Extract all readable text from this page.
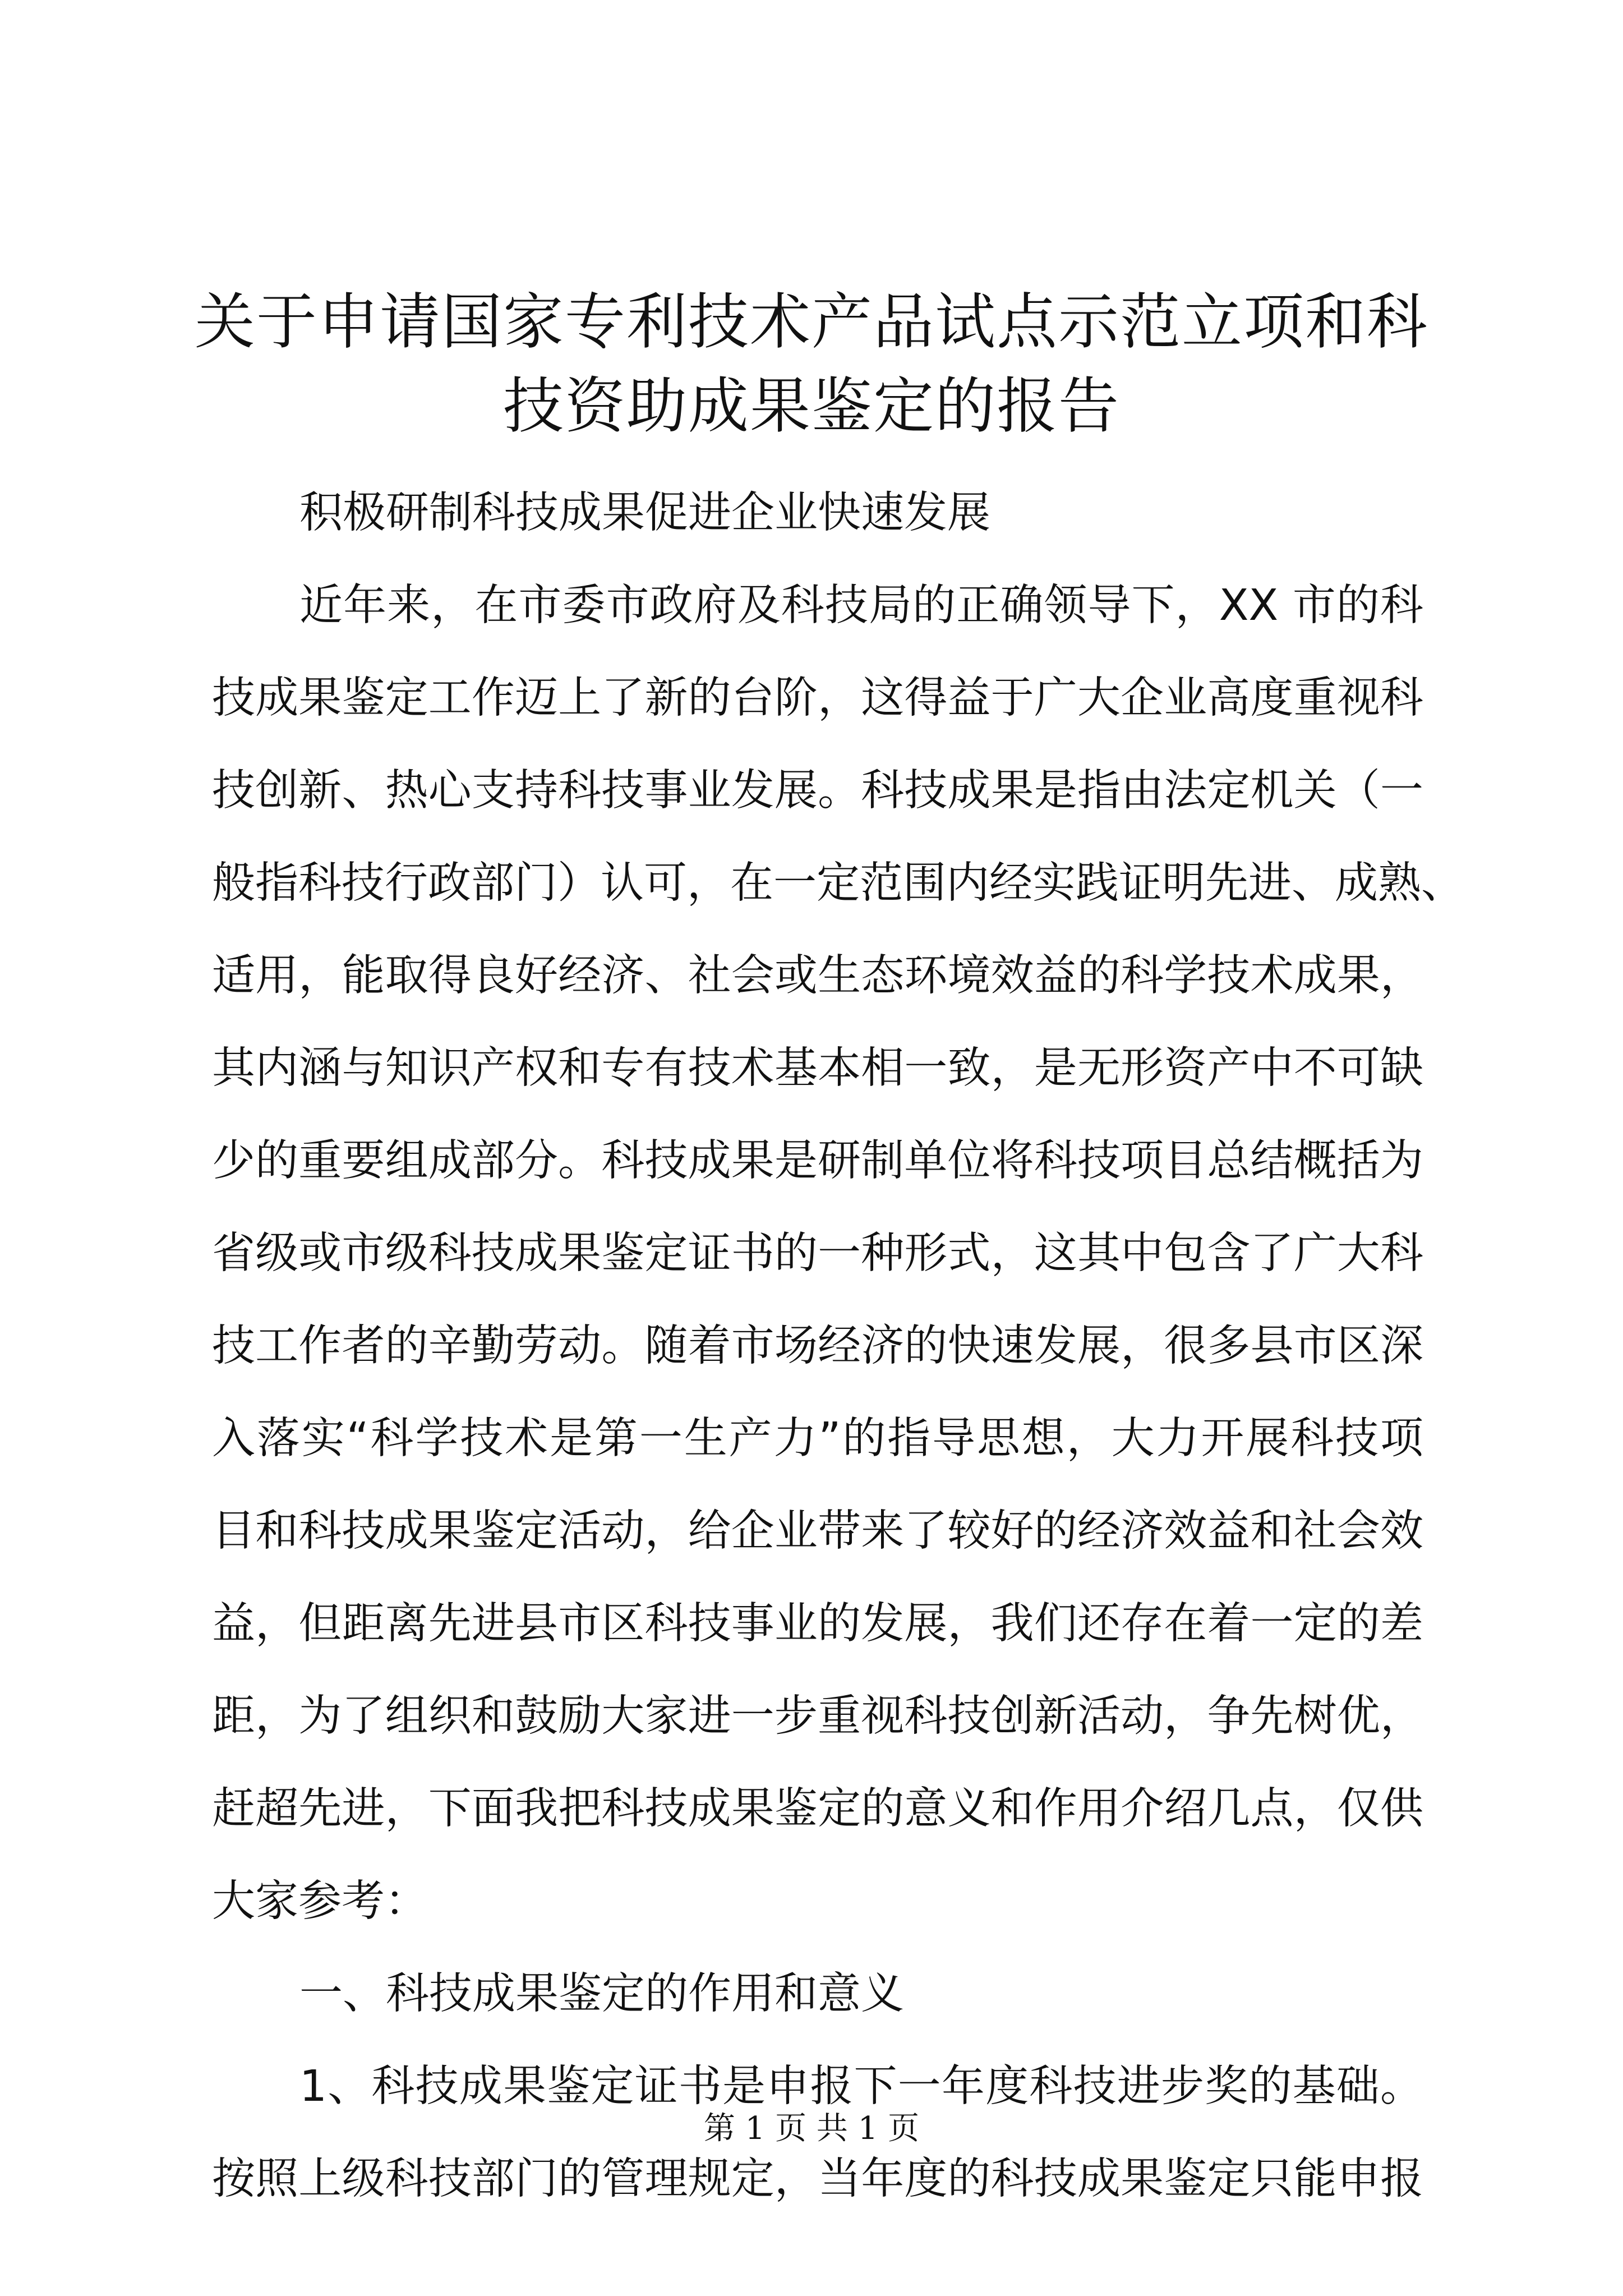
关于申请国家专利技术产品试点示范立项和科
技资助成果鉴定的报告

积极研制科技成果促进企业快速发展

近年来，在市委市政府及科技局的正确领导下，XX 市的科
技成果鉴定工作迈上了新的台阶，这得益于广大企业高度重视科
技创新、热心支持科技事业发展。科技成果是指由法定机关（一
般指科技行政部门）认可，在一定范围内经实践证明先进、成熟、
适用，能取得良好经济、社会或生态环境效益的科学技术成果，
其内涵与知识产权和专有技术基本相一致，是无形资产中不可缺
少的重要组成部分。科技成果是研制单位将科技项目总结概括为
省级或市级科技成果鉴定证书的一种形式，这其中包含了广大科
技工作者的辛勤劳动。随着市场经济的快速发展，很多县市区深
入落实“科学技术是第一生产力”的指导思想，大力开展科技项
目和科技成果鉴定活动，给企业带来了较好的经济效益和社会效
益，但距离先进县市区科技事业的发展，我们还存在着一定的差
距，为了组织和鼓励大家进一步重视科技创新活动，争先树优，
赶超先进，下面我把科技成果鉴定的意义和作用介绍几点，仅供
大家参考：

一、科技成果鉴定的作用和意义

1、科技成果鉴定证书是申报下一年度科技进步奖的基础。
按照上级科技部门的管理规定，当年度的科技成果鉴定只能申报

第 1 页 共 1 页
